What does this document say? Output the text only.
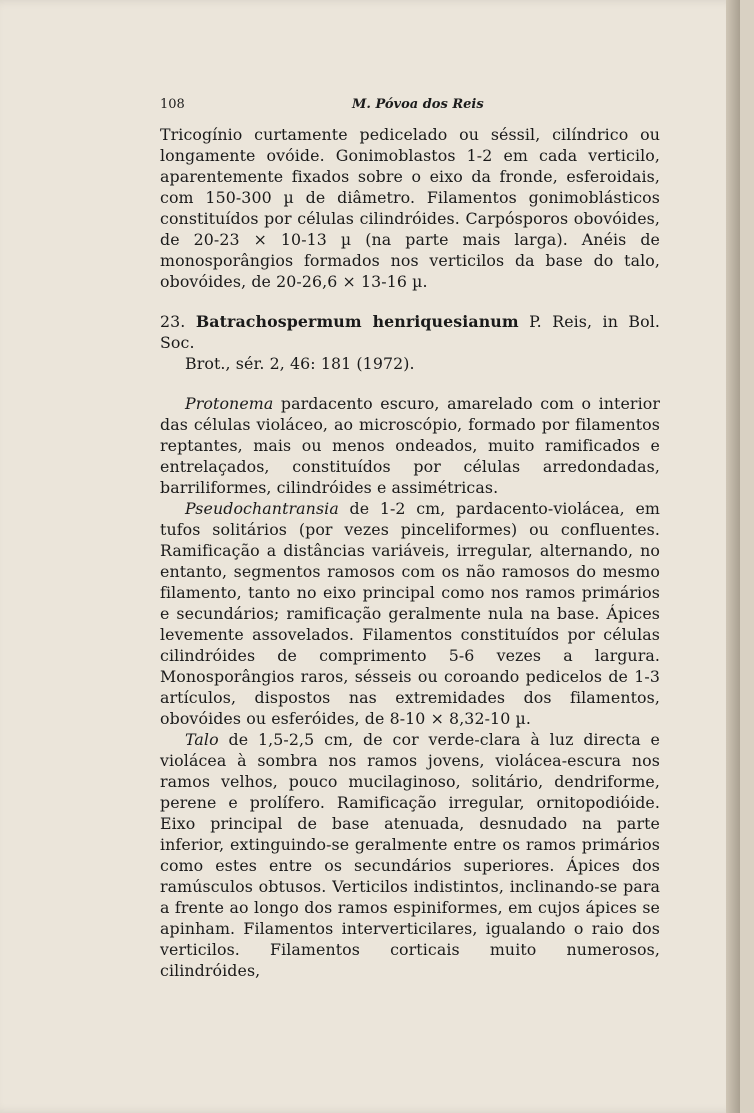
108	M. Póvoa dos Reis

Tricogínio curtamente pedicelado ou séssil, cilíndrico ou longamente ovóide. Gonimoblastos 1-2 em cada verticilo, aparentemente fixados sobre o eixo da fronde, esferoidais, com 150-300 µ de diâmetro. Filamentos gonimoblásticos constituídos por células cilindróides. Carpósporos obovóides, de 20-23 × 10-13 µ (na parte mais larga). Anéis de monosporângios formados nos verticilos da base do talo, obovóides, de 20-26,6 × 13-16 µ.

23. Batrachospermum henriquesianum P. Reis, in Bol. Soc.
Brot., sér. 2, 46: 181 (1972).

Protonema pardacento escuro, amarelado com o interior das células violáceo, ao microscópio, formado por filamentos reptantes, mais ou menos ondeados, muito ramificados e entrelaçados, constituídos por células arredondadas, barriliformes, cilindróides e assimétricas.

Pseudochantransia de 1-2 cm, pardacento-violácea, em tufos solitários (por vezes pinceliformes) ou confluentes. Ramificação a distâncias variáveis, irregular, alternando, no entanto, segmentos ramosos com os não ramosos do mesmo filamento, tanto no eixo principal como nos ramos primários e secundários; ramificação geralmente nula na base. Ápices levemente assovelados. Filamentos constituídos por células cilindróides de comprimento 5-6 vezes a largura. Monosporângios raros, sésseis ou coroando pedicelos de 1-3 artículos, dispostos nas extremidades dos filamentos, obovóides ou esferóides, de 8-10 × 8,32-10 µ.

Talo de 1,5-2,5 cm, de cor verde-clara à luz directa e violácea à sombra nos ramos jovens, violácea-escura nos ramos velhos, pouco mucilaginoso, solitário, dendriforme, perene e prolífero. Ramificação irregular, ornitopodióide. Eixo principal de base atenuada, desnudado na parte inferior, extinguindo-se geralmente entre os ramos primários como estes entre os secundários superiores. Ápices dos ramúsculos obtusos. Verticilos indistintos, inclinando-se para a frente ao longo dos ramos espiniformes, em cujos ápices se apinham. Filamentos interverticilares, igualando o raio dos verticilos. Filamentos corticais muito numerosos, cilindróides,
